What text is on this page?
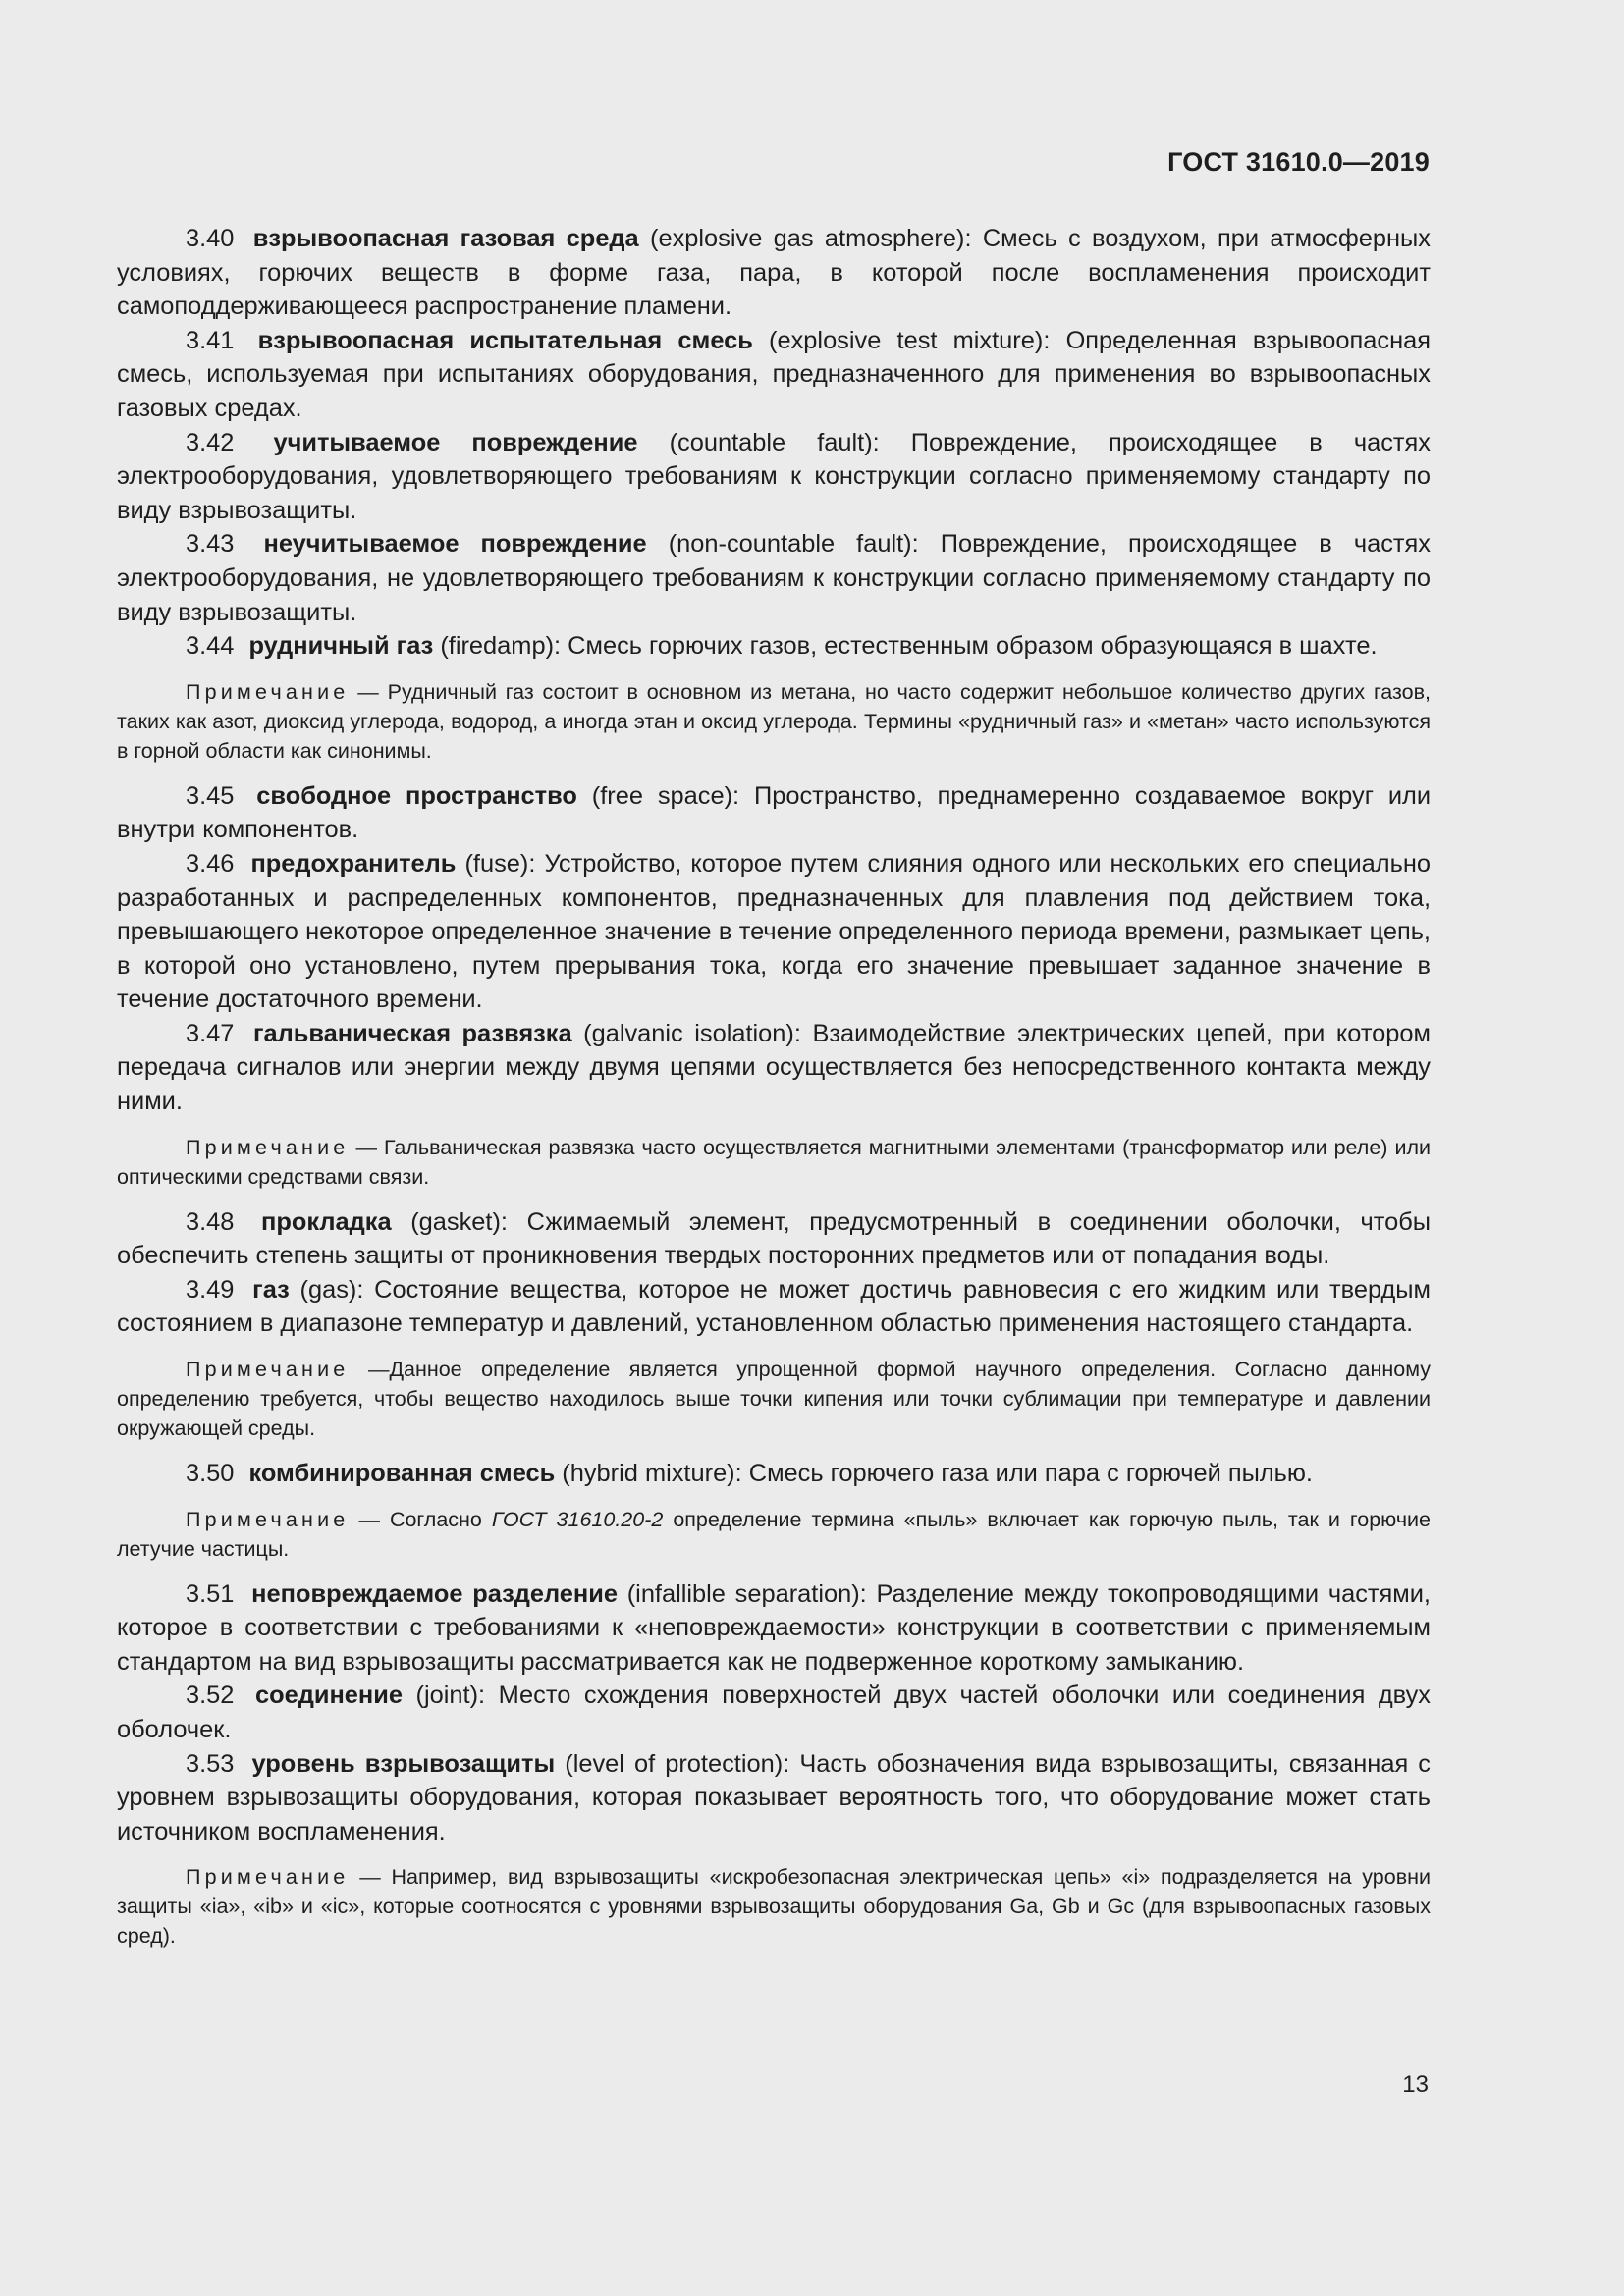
ГОСТ 31610.0—2019

3.40 взрывоопасная газовая среда (explosive gas atmosphere): Смесь с воздухом, при атмосферных условиях, горючих веществ в форме газа, пара, в которой после воспламенения происходит самоподдерживающееся распространение пламени.

3.41 взрывоопасная испытательная смесь (explosive test mixture): Определенная взрывоопасная смесь, используемая при испытаниях оборудования, предназначенного для применения во взрывоопасных газовых средах.

3.42 учитываемое повреждение (countable fault): Повреждение, происходящее в частях электрооборудования, удовлетворяющего требованиям к конструкции согласно применяемому стандарту по виду взрывозащиты.

3.43 неучитываемое повреждение (non-countable fault): Повреждение, происходящее в частях электрооборудования, не удовлетворяющего требованиям к конструкции согласно применяемому стандарту по виду взрывозащиты.

3.44 рудничный газ (firedamp): Смесь горючих газов, естественным образом образующаяся в шахте.

Примечание — Рудничный газ состоит в основном из метана, но часто содержит небольшое количество других газов, таких как азот, диоксид углерода, водород, а иногда этан и оксид углерода. Термины «рудничный газ» и «метан» часто используются в горной области как синонимы.

3.45 свободное пространство (free space): Пространство, преднамеренно создаваемое вокруг или внутри компонентов.

3.46 предохранитель (fuse): Устройство, которое путем слияния одного или нескольких его специально разработанных и распределенных компонентов, предназначенных для плавления под действием тока, превышающего некоторое определенное значение в течение определенного периода времени, размыкает цепь, в которой оно установлено, путем прерывания тока, когда его значение превышает заданное значение в течение достаточного времени.

3.47 гальваническая развязка (galvanic isolation): Взаимодействие электрических цепей, при котором передача сигналов или энергии между двумя цепями осуществляется без непосредственного контакта между ними.

Примечание — Гальваническая развязка часто осуществляется магнитными элементами (трансформатор или реле) или оптическими средствами связи.

3.48 прокладка (gasket): Сжимаемый элемент, предусмотренный в соединении оболочки, чтобы обеспечить степень защиты от проникновения твердых посторонних предметов или от попадания воды.

3.49 газ (gas): Состояние вещества, которое не может достичь равновесия с его жидким или твердым состоянием в диапазоне температур и давлений, установленном областью применения настоящего стандарта.

Примечание —Данное определение является упрощенной формой научного определения. Согласно данному определению требуется, чтобы вещество находилось выше точки кипения или точки сублимации при температуре и давлении окружающей среды.

3.50 комбинированная смесь (hybrid mixture): Смесь горючего газа или пара с горючей пылью.

Примечание — Согласно ГОСТ 31610.20-2 определение термина «пыль» включает как горючую пыль, так и горючие летучие частицы.

3.51 неповреждаемое разделение (infallible separation): Разделение между токопроводящими частями, которое в соответствии с требованиями к «неповреждаемости» конструкции в соответствии с применяемым стандартом на вид взрывозащиты рассматривается как не подверженное короткому замыканию.

3.52 соединение (joint): Место схождения поверхностей двух частей оболочки или соединения двух оболочек.

3.53 уровень взрывозащиты (level of protection): Часть обозначения вида взрывозащиты, связанная с уровнем взрывозащиты оборудования, которая показывает вероятность того, что оборудование может стать источником воспламенения.

Примечание — Например, вид взрывозащиты «искробезопасная электрическая цепь» «i» подразделяется на уровни защиты «ia», «ib» и «ic», которые соотносятся с уровнями взрывозащиты оборудования Ga, Gb и Gc (для взрывоопасных газовых сред).

13
